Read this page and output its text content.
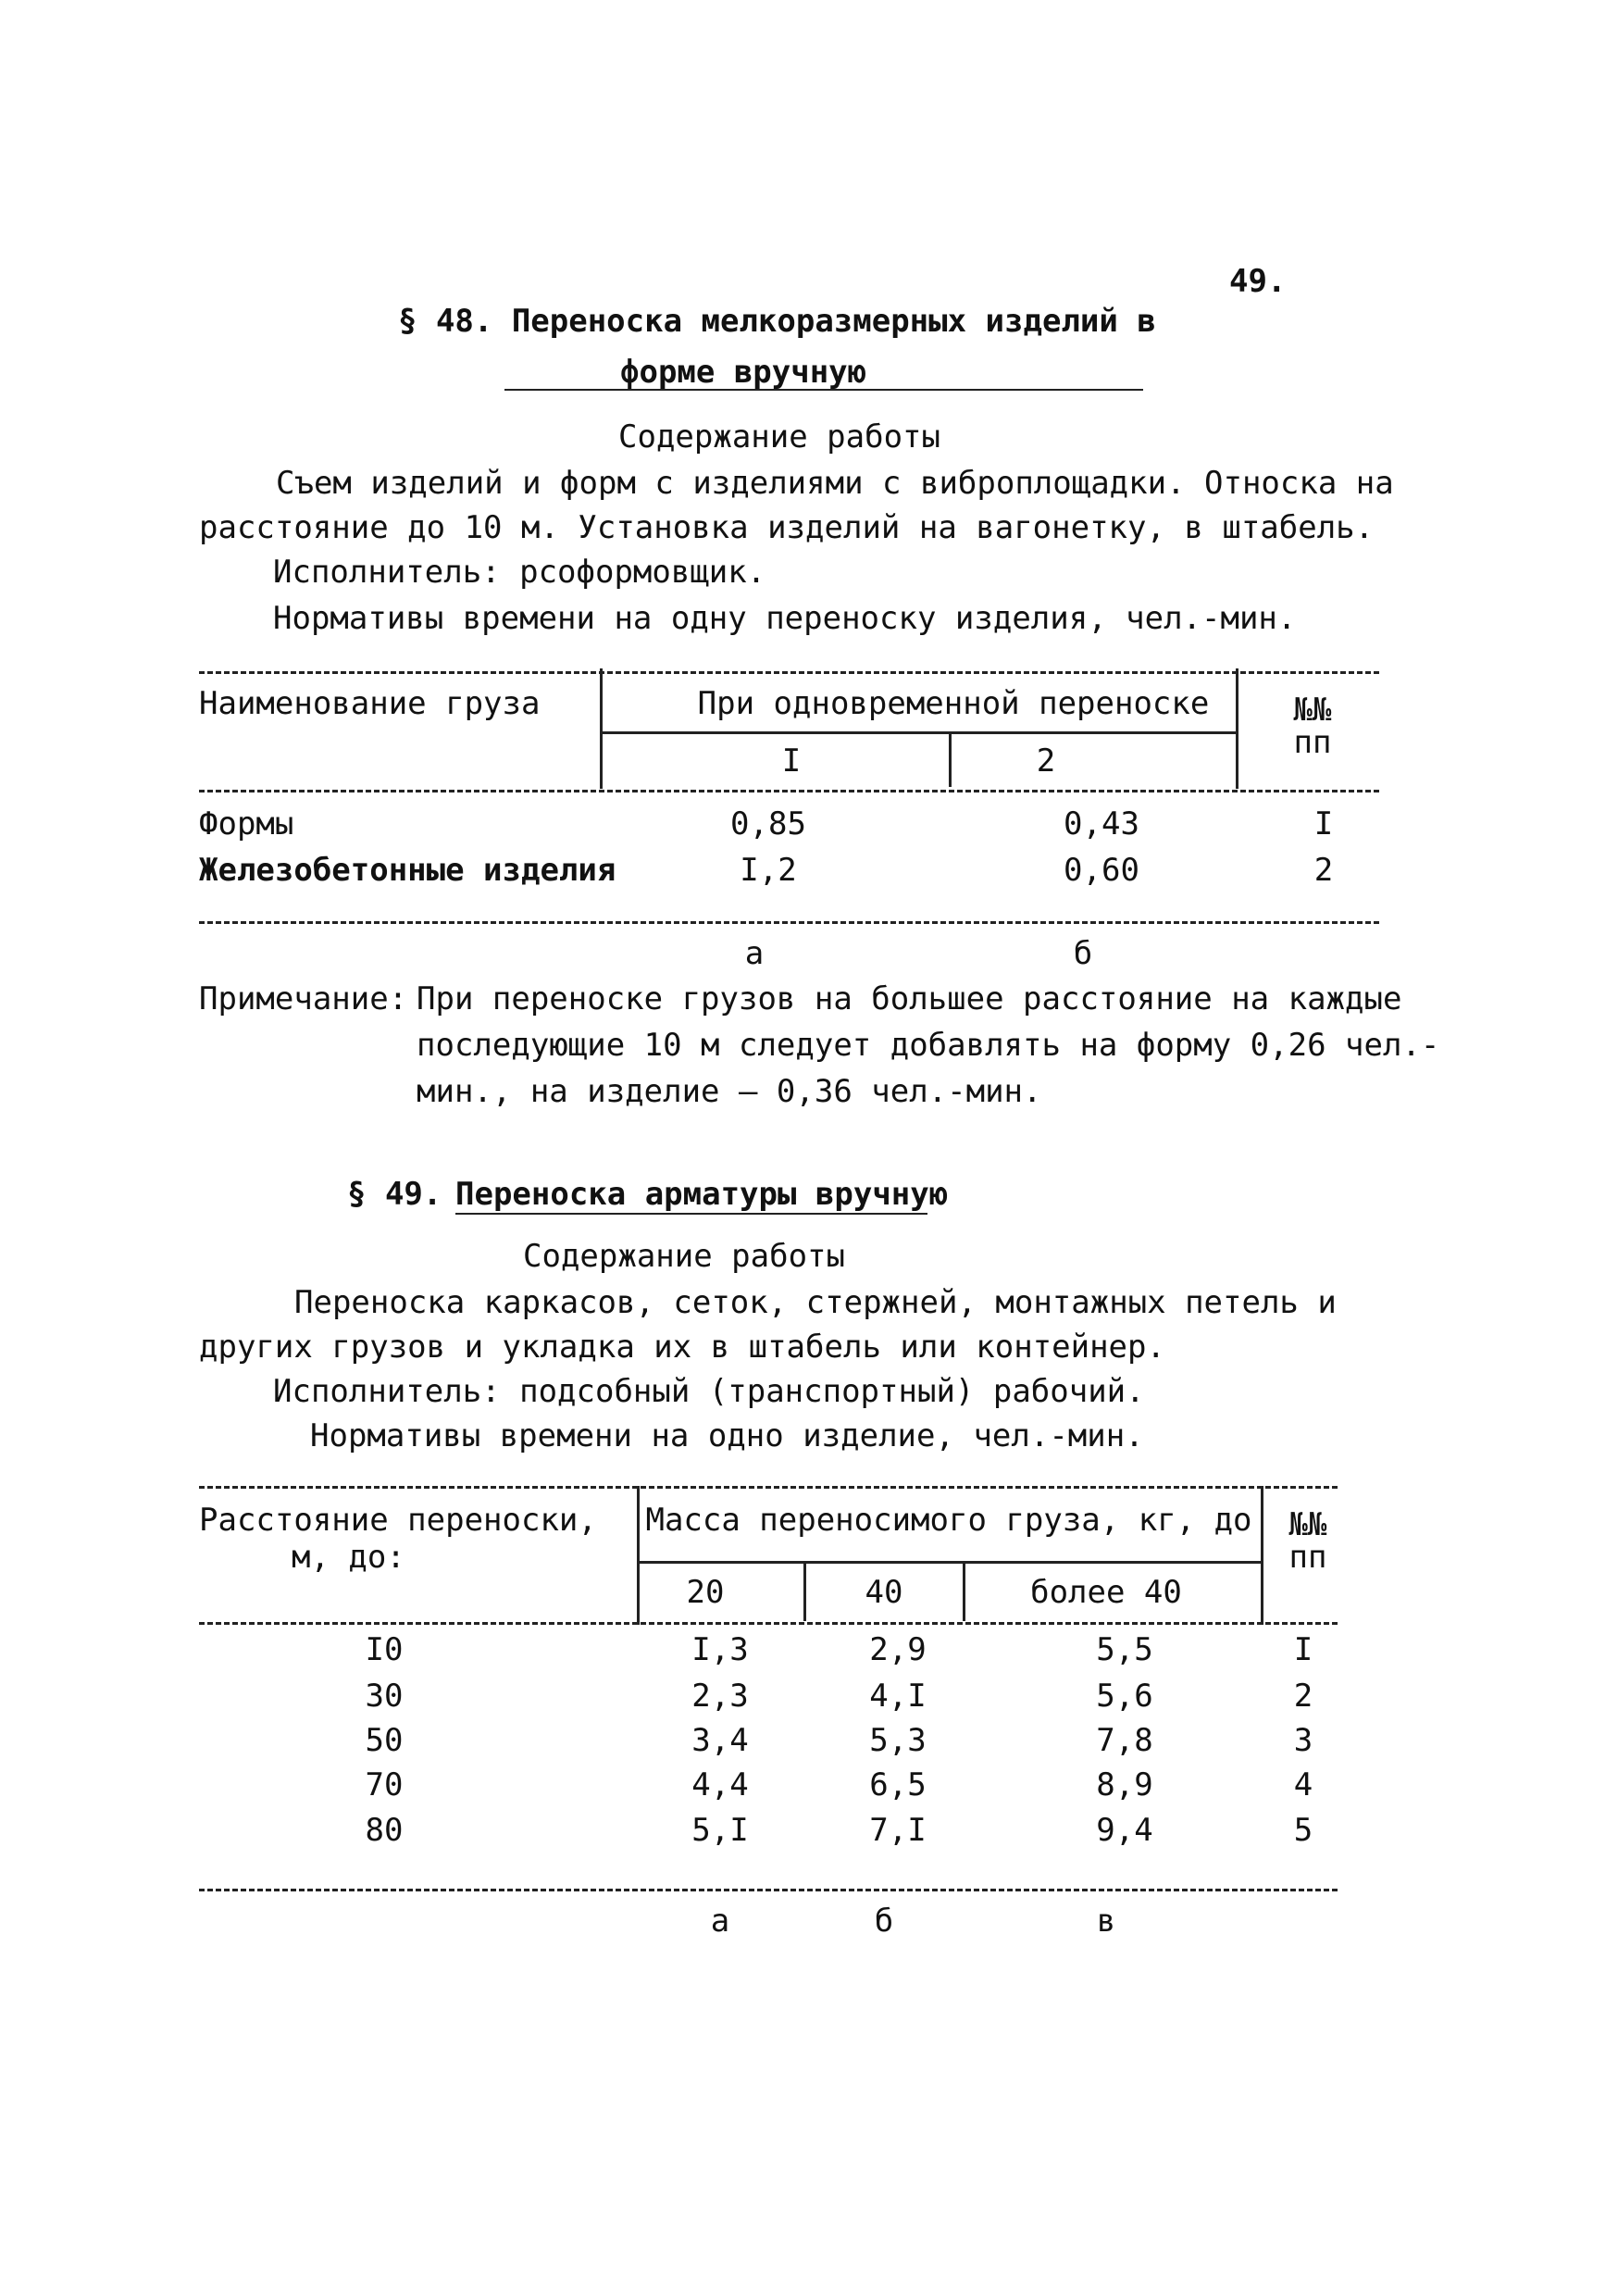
49.
§ 48. Переноска мелкоразмерных изделий в
форме вручную
Содержание работы
Съем изделий и форм с изделиями с виброплощадки. Относка на
расстояние до 10 м. Установка изделий на вагонетку, в штабель.
Исполнитель: рсоформовщик.
Нормативы времени на одну переноску изделия, чел.-мин.
Наименование груза	При одновременной переноске
I	2
№№
пп
Формы	0,85	0,43	I
Железобетонные изделия	I,2	0,60	2
а	б
Примечание: При переноске грузов на большее расстояние на каждые
последующие 10 м следует добавлять на форму 0,26 чел.-
мин., на изделие – 0,36 чел.-мин.
§ 49. Переноска арматуры вручную
Содержание работы
Переноска каркасов, сеток, стержней, монтажных петель и
других грузов и укладка их в штабель или контейнер.
Исполнитель: подсобный (транспортный) рабочий.
Нормативы времени на одно изделие, чел.-мин.
Расстояние переноски,
м, до:
Масса переносимого груза, кг, до
20	40	более 40
№№
пп
I0	I,3	2,9	5,5	I
30	2,3	4,I	5,6	2
50	3,4	5,3	7,8	3
70	4,4	6,5	8,9	4
80	5,I	7,I	9,4	5
а	б	в
